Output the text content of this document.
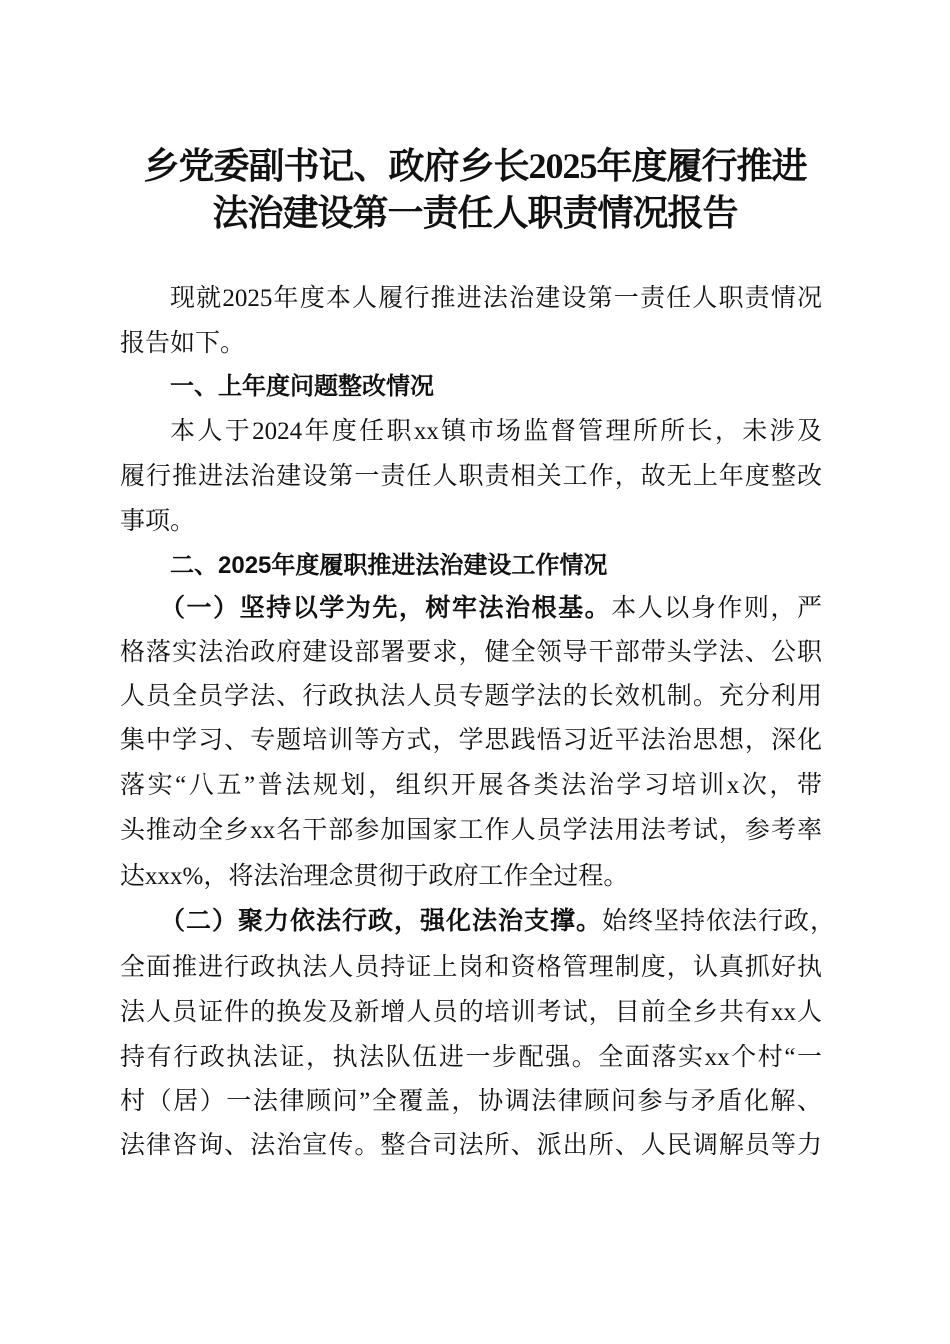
乡党委副书记、政府乡长2025年度履行推进
法治建设第一责任人职责情况报告
现就2025年度本人履行推进法治建设第一责任人职责情况
报告如下。
一、上年度问题整改情况
本人于2024年度任职xx镇市场监督管理所所长，未涉及
履行推进法治建设第一责任人职责相关工作，故无上年度整改
事项。
二、2025年度履职推进法治建设工作情况
（一）坚持以学为先，树牢法治根基。本人以身作则，严
格落实法治政府建设部署要求，健全领导干部带头学法、公职
人员全员学法、行政执法人员专题学法的长效机制。充分利用
集中学习、专题培训等方式，学思践悟习近平法治思想，深化
落实“八五”普法规划，组织开展各类法治学习培训x次，带
头推动全乡xx名干部参加国家工作人员学法用法考试，参考率
达xxx%，将法治理念贯彻于政府工作全过程。
（二）聚力依法行政，强化法治支撑。始终坚持依法行政，
全面推进行政执法人员持证上岗和资格管理制度，认真抓好执
法人员证件的换发及新增人员的培训考试，目前全乡共有xx人
持有行政执法证，执法队伍进一步配强。全面落实xx个村“一
村（居）一法律顾问”全覆盖，协调法律顾问参与矛盾化解、
法律咨询、法治宣传。整合司法所、派出所、人民调解员等力
